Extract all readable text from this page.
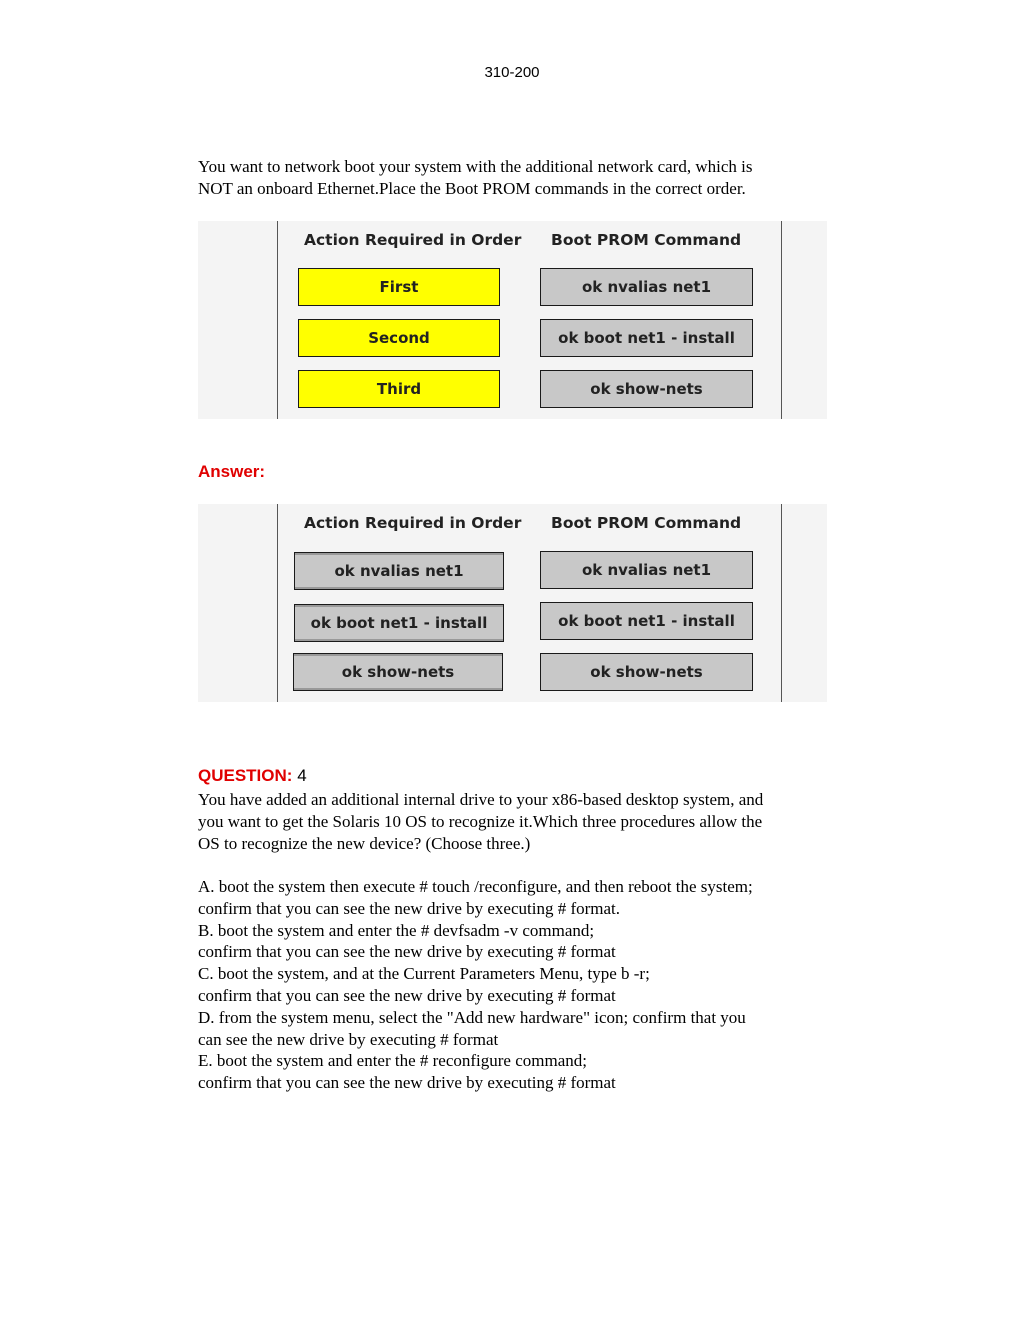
310-200
You want to network boot your system with the additional network card, which is
NOT an onboard Ethernet.Place the Boot PROM commands in the correct order.
Action Required in Order Boot PROM Command
First
Second
Third
ok nvalias net1
ok boot net1 - install
ok show-nets
Answer:
Action Required in Order Boot PROM Command
ok nvalias net1
ok boot net1 - install
ok show-nets
ok nvalias net1
ok boot net1 - install
ok show-nets
QUESTION: 4
You have added an additional internal drive to your x86-based desktop system, and
you want to get the Solaris 10 OS to recognize it.Which three procedures allow the
OS to recognize the new device? (Choose three.)
A. boot the system then execute # touch /reconfigure, and then reboot the system;
confirm that you can see the new drive by executing # format.
B. boot the system and enter the # devfsadm -v command;
confirm that you can see the new drive by executing # format
C. boot the system, and at the Current Parameters Menu, type b -r;
confirm that you can see the new drive by executing # format
D. from the system menu, select the "Add new hardware" icon; confirm that you
can see the new drive by executing # format
E. boot the system and enter the # reconfigure command;
confirm that you can see the new drive by executing # format
